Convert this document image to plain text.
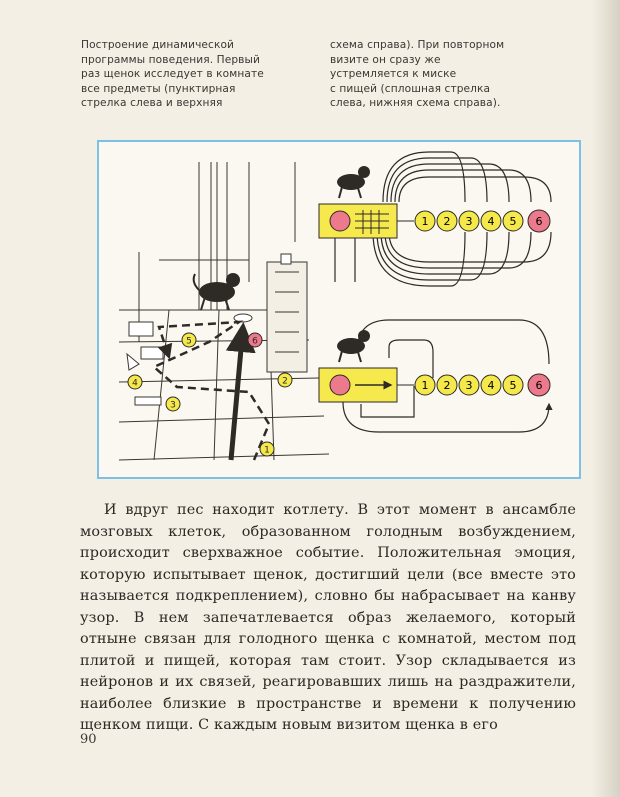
Построение динамической
программы поведения. Первый
раз щенок исследует в комнате
все предметы (пунктирная
стрелка слева и верхняя
схема справа). При повторном
визите он сразу же
устремляется к миске
с пищей (сплошная стрелка
слева, нижняя схема справа).
1
2
3
4
5	6
1 2 3 4 5 6
1 2 3 4 5 6

И вдруг пес находит котлету. В этот момент в ансамбле мозговых клеток, образованном голодным возбуждением, происходит сверхважное событие. Положительная эмоция, которую испытывает щенок, достигший цели (все вместе это называется подкреплением), словно бы набрасывает на канву узор. В нем запечатлевается образ желаемого, который отныне связан для голодного щенка с комнатой, местом под плитой и пищей, которая там стоит. Узор складывается из нейронов и их связей, реагировавших лишь на раздражители, наиболее близкие в пространстве и времени к получению щенком пищи. С каждым новым визитом щенка в его

90
